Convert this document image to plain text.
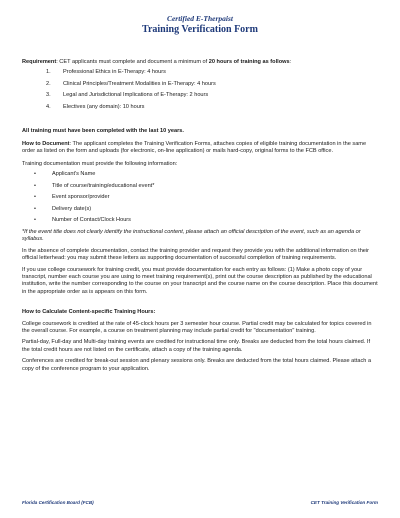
Certified E-Therpaist
Training Verification Form

Requirement: CET applicants must complete and document a minimum of 20 hours of training as follows:

1.	Professional Ethics in E-Therapy: 4 hours
2.	Clinical Principles/Treatment Modalities in E-Therapy: 4 hours
3.	Legal and Jurisdictional Implications of E-Therapy: 2 hours
4.	Electives (any domain): 10 hours

All training must have been completed with the last 10 years.

How to Document: The applicant completes the Training Verification Forms, attaches copies of eligible training documentation in the same order as listed on the form and uploads (for electronic, on-line application) or mails hard-copy, original forms to the FCB office.

Training documentation must provide the following information:

•	Applicant's Name
•	Title of course/training/educational event*
•	Event sponsor/provider
•	Delivery date(s)
•	Number of Contact/Clock Hours

*If the event title does not clearly identify the instructional content, please attach an official description of the event, such as an agenda or syllabus.

In the absence of complete documentation, contact the training provider and request they provide you with the additional information on their official letterhead: you may submit these letters as supporting documentation of successful completion of training requirements.

If you use college coursework for training credit, you must provide documentation for each entry as follows: (1) Make a photo copy of your transcript, number each course you are using to meet training requirement(s), print out the course description as published by the educational institution, write the number corresponding to the course on your transcript and the course name on the course description. Place this document in the appropriate order as is appears on this form.

How to Calculate Content-specific Training Hours:

College coursework is credited at the rate of 45-clock hours per 3 semester hour course. Partial credit may be calculated for topics covered in the overall course. For example, a course on treatment planning may include partial credit for "documentation" training.

Partial-day, Full-day and Multi-day training events are credited for instructional time only. Breaks are deducted from the total hours claimed. If the total credit hours are not listed on the certificate, attach a copy of the training agenda.

Conferences are credited for break-out session and plenary sessions only. Breaks are deducted from the total hours claimed. Please attach a copy of the conference program to your application.

Florida Certification Board (FCB)	CET Training Verification Form
